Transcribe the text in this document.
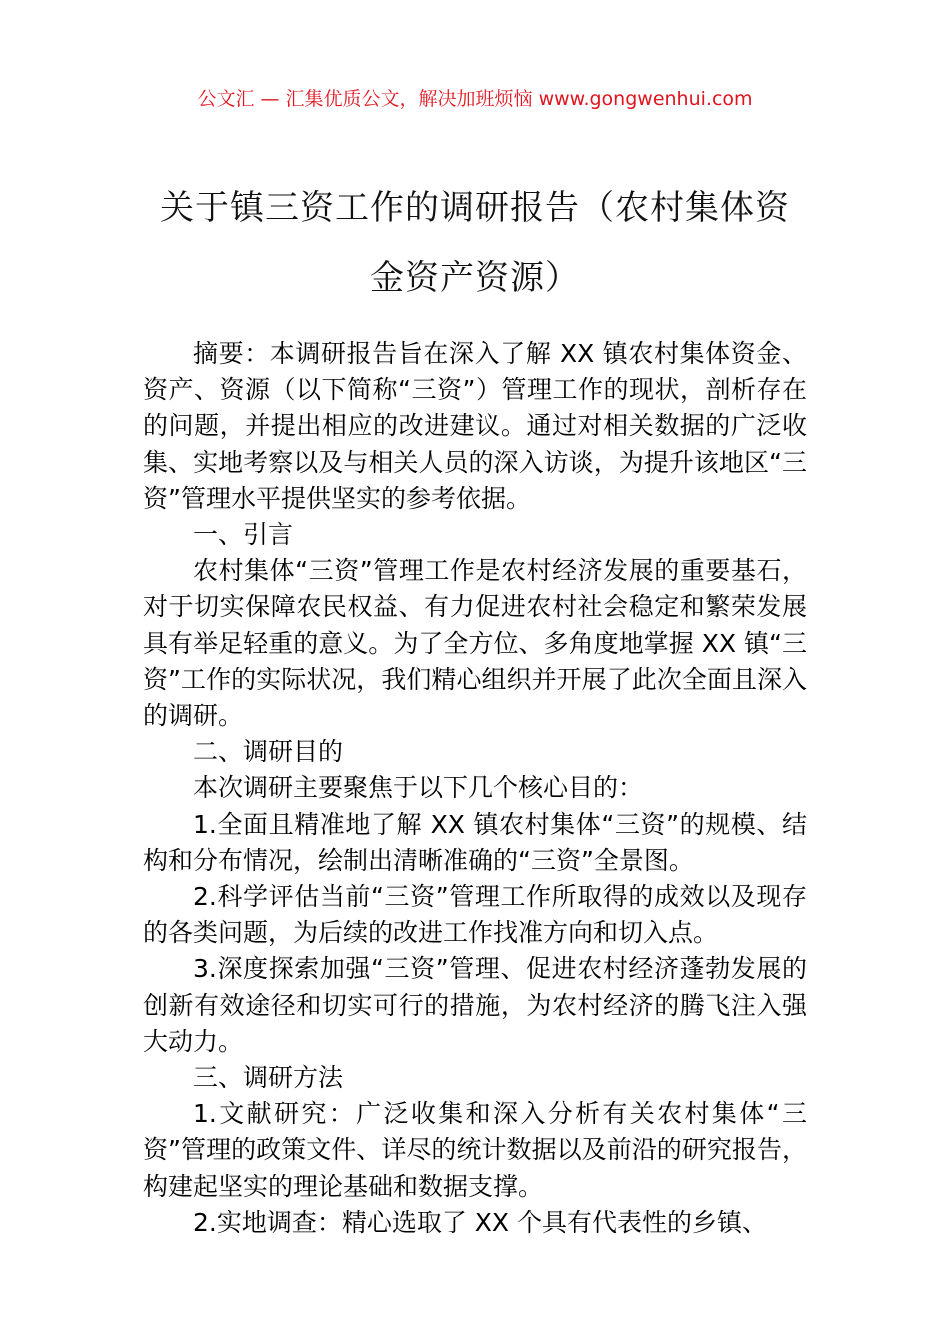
公文汇 — 汇集优质公文，解决加班烦恼 www.gongwenhui.com
关于镇三资工作的调研报告（农村集体资
金资产资源）

摘要：本调研报告旨在深入了解 XX 镇农村集体资金、资产、资源（以下简称“三资”）管理工作的现状，剖析存在的问题，并提出相应的改进建议。通过对相关数据的广泛收集、实地考察以及与相关人员的深入访谈，为提升该地区“三资”管理水平提供坚实的参考依据。

一、引言

农村集体“三资”管理工作是农村经济发展的重要基石，对于切实保障农民权益、有力促进农村社会稳定和繁荣发展具有举足轻重的意义。为了全方位、多角度地掌握 XX 镇“三资”工作的实际状况，我们精心组织并开展了此次全面且深入的调研。

二、调研目的

本次调研主要聚焦于以下几个核心目的：

1.全面且精准地了解 XX 镇农村集体“三资”的规模、结构和分布情况，绘制出清晰准确的“三资”全景图。

2.科学评估当前“三资”管理工作所取得的成效以及现存的各类问题，为后续的改进工作找准方向和切入点。

3.深度探索加强“三资”管理、促进农村经济蓬勃发展的创新有效途径和切实可行的措施，为农村经济的腾飞注入强大动力。

三、调研方法

1.文献研究：广泛收集和深入分析有关农村集体“三资”管理的政策文件、详尽的统计数据以及前沿的研究报告，构建起坚实的理论基础和数据支撑。

2.实地调查：精心选取了 XX 个具有代表性的乡镇、
